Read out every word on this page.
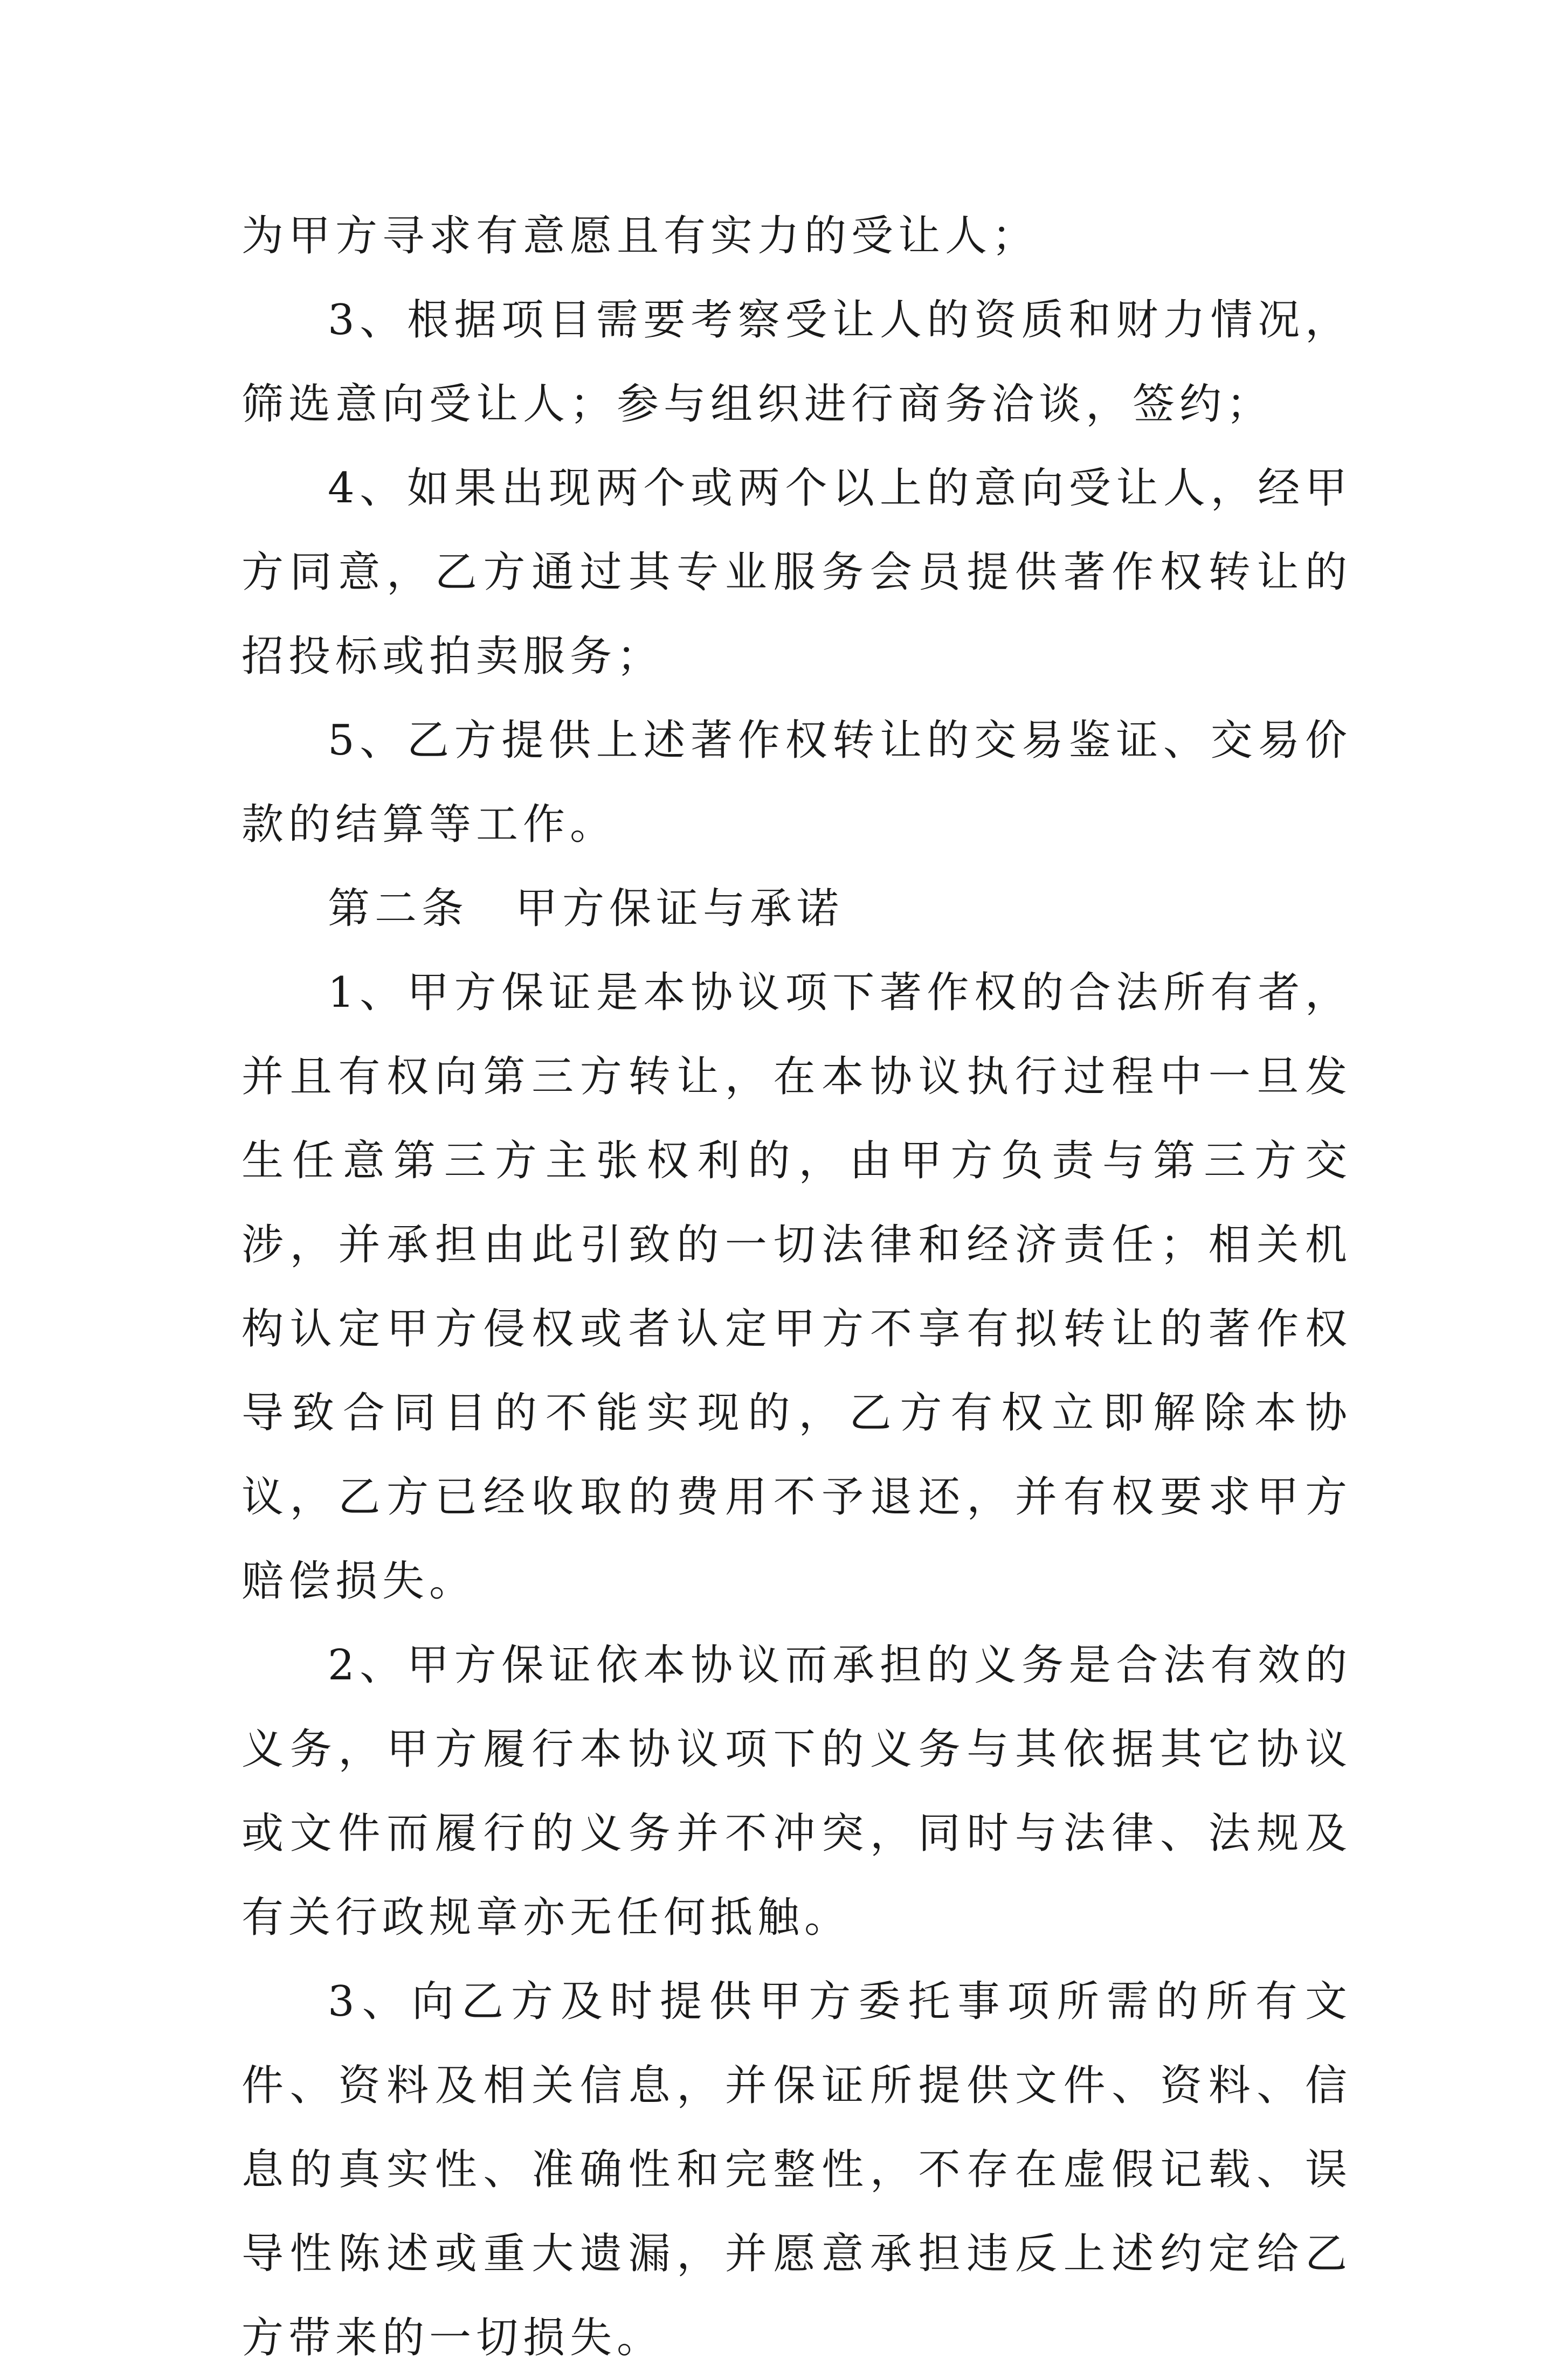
为甲方寻求有意愿且有实力的受让人；

3、根据项目需要考察受让人的资质和财力情况，筛选意向受让人；参与组织进行商务洽谈，签约；

4、如果出现两个或两个以上的意向受让人，经甲方同意，乙方通过其专业服务会员提供著作权转让的招投标或拍卖服务；

5、乙方提供上述著作权转让的交易鉴证、交易价款的结算等工作。

第二条　甲方保证与承诺

1、甲方保证是本协议项下著作权的合法所有者，并且有权向第三方转让，在本协议执行过程中一旦发生任意第三方主张权利的，由甲方负责与第三方交涉，并承担由此引致的一切法律和经济责任；相关机构认定甲方侵权或者认定甲方不享有拟转让的著作权导致合同目的不能实现的，乙方有权立即解除本协议，乙方已经收取的费用不予退还，并有权要求甲方赔偿损失。

2、甲方保证依本协议而承担的义务是合法有效的义务，甲方履行本协议项下的义务与其依据其它协议或文件而履行的义务并不冲突，同时与法律、法规及有关行政规章亦无任何抵触。

3、向乙方及时提供甲方委托事项所需的所有文件、资料及相关信息，并保证所提供文件、资料、信息的真实性、准确性和完整性，不存在虚假记载、误导性陈述或重大遗漏，并愿意承担违反上述约定给乙方带来的一切损失。
